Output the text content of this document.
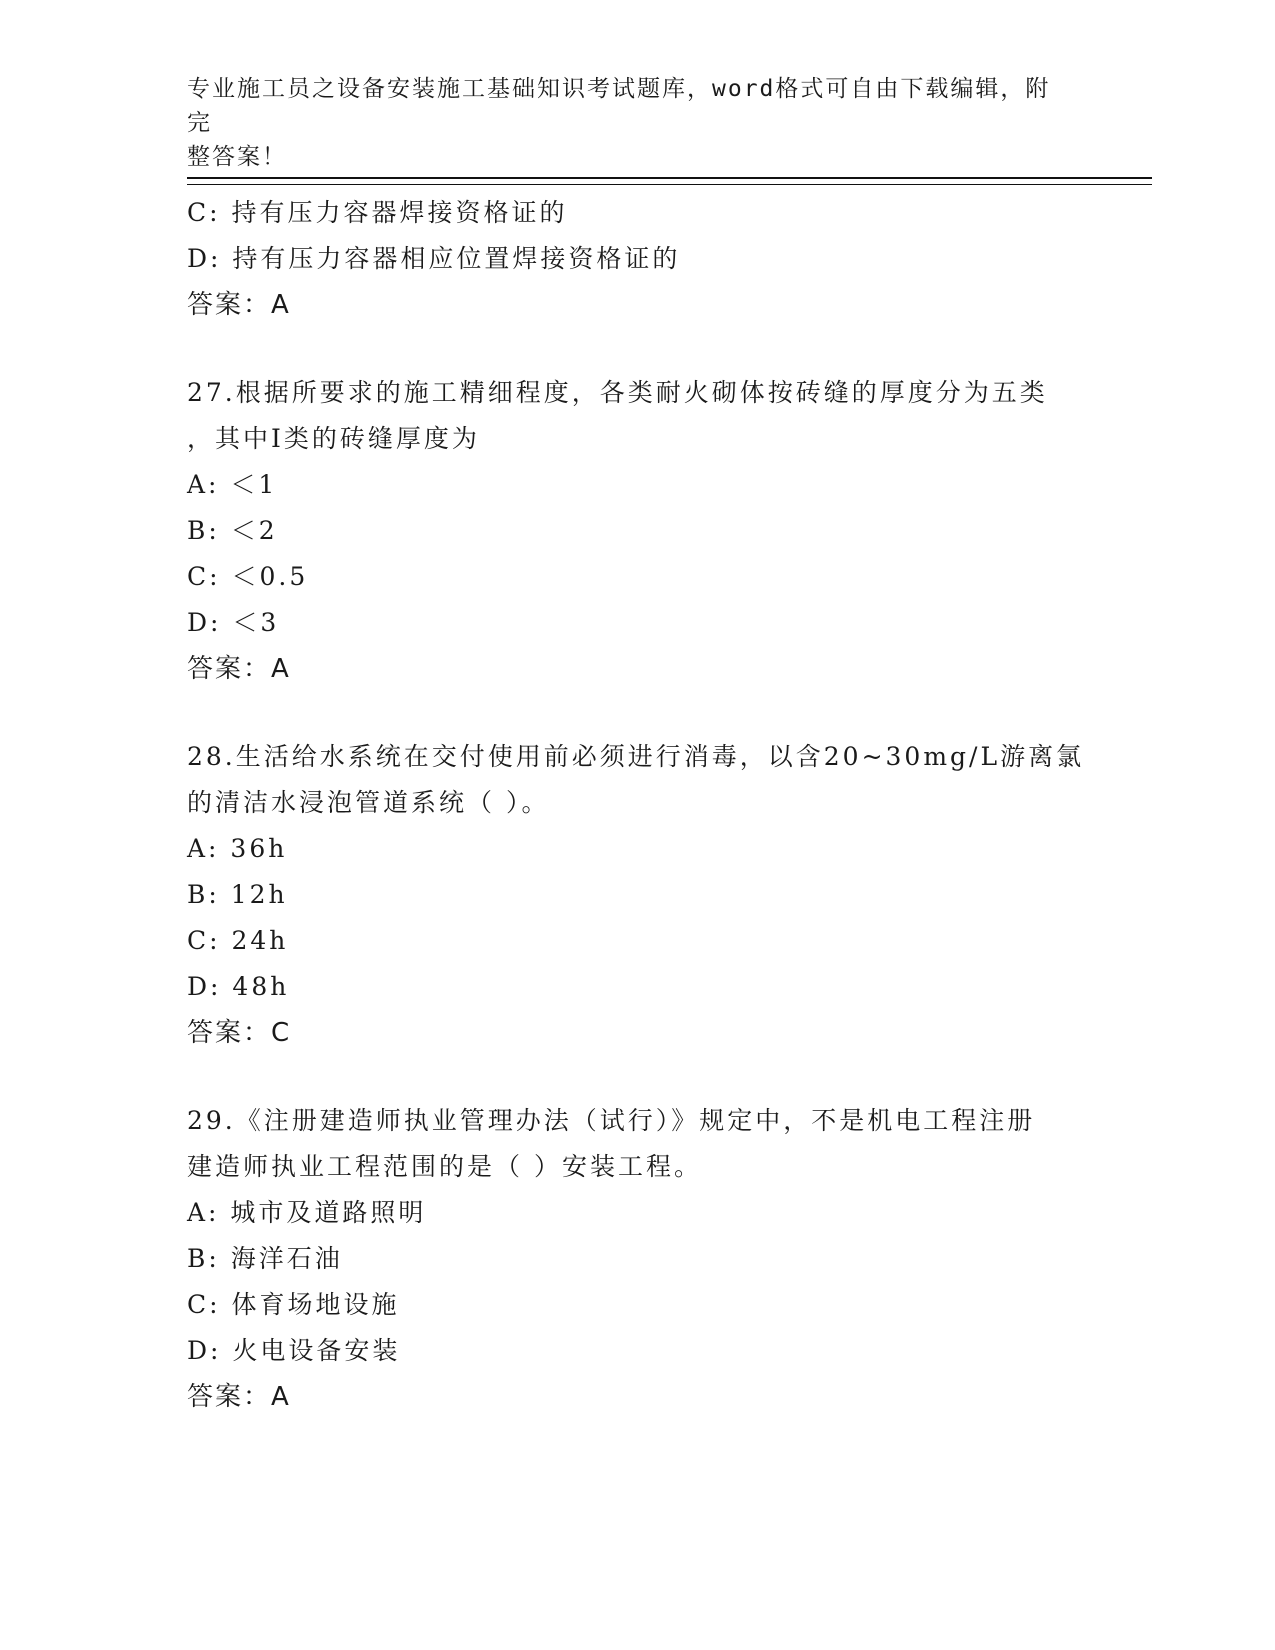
专业施工员之设备安装施工基础知识考试题库，word格式可自由下载编辑，附完
整答案！
C: 持有压力容器焊接资格证的
D: 持有压力容器相应位置焊接资格证的
答案：A
27.根据所要求的施工精细程度，各类耐火砌体按砖缝的厚度分为五类
，其中Ⅰ类的砖缝厚度为
A: ＜1
B: ＜2
C: ＜0.5
D: ＜3
答案：A
28.生活给水系统在交付使用前必须进行消毒，以含20~30mg/L游离氯
的清洁水浸泡管道系统（ ）。
A: 36h
B: 12h
C: 24h
D: 48h
答案：C
29.《注册建造师执业管理办法（试行）》规定中，不是机电工程注册
建造师执业工程范围的是（ ）安装工程。
A: 城市及道路照明
B: 海洋石油
C: 体育场地设施
D: 火电设备安装
答案：A
